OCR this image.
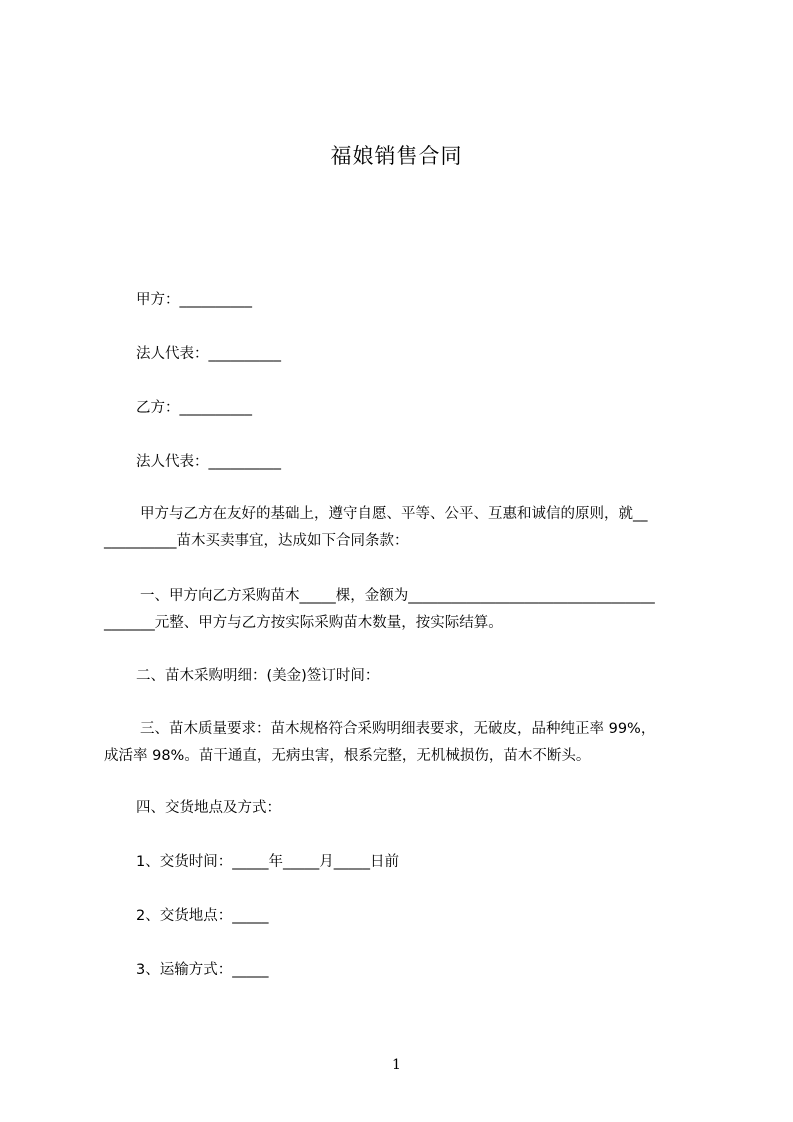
福娘销售合同
甲方：__________
法人代表：__________
乙方：__________
法人代表：__________
甲方与乙方在友好的基础上，遵守自愿、平等、公平、互惠和诚信的原则，就__
__________苗木买卖事宜，达成如下合同条款：
一、甲方向乙方采购苗木_____棵，金额为__________________________________
_______元整、甲方与乙方按实际采购苗木数量，按实际结算。
二、苗木采购明细：(美金)签订时间：
三、苗木质量要求：苗木规格符合采购明细表要求，无破皮，品种纯正率 99%，
成活率 98%。苗干通直，无病虫害，根系完整，无机械损伤，苗木不断头。
四、交货地点及方式：
1、交货时间：_____年_____月_____日前
2、交货地点：_____
3、运输方式：_____
1
